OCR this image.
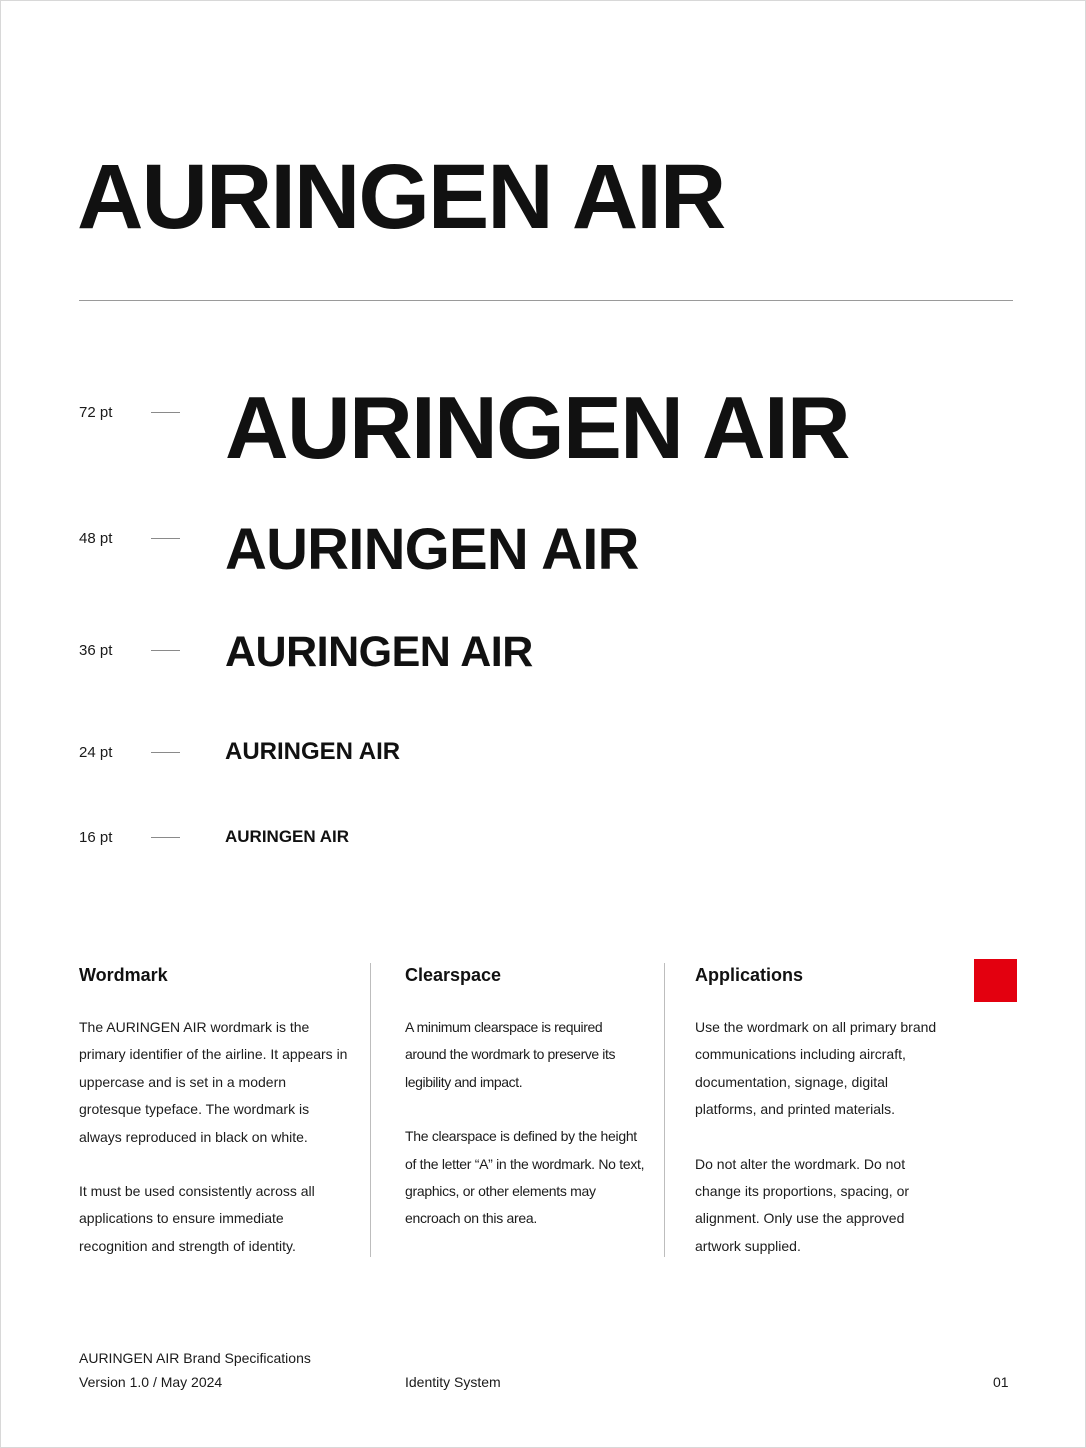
AURINGEN AIR
72 pt AURINGEN AIR
48 pt AURINGEN AIR
36 pt	AURINGEN AIR
24 pt	AURINGEN AIR
16 pt	AURINGEN AIR
Wordmark

The AURINGEN AIR wordmark is the primary identifier of the airline. It appears in uppercase and is set in a modern grotesque typeface. The wordmark is always reproduced in black on white.

It must be used consistently across all applications to ensure immediate recognition and strength of identity.

Clearspace

A minimum clearspace is required around the wordmark to preserve its legibility and impact.

The clearspace is defined by the height of the letter “A” in the wordmark. No text, graphics, or other elements may encroach on this area.

Applications

Use the wordmark on all primary brand communications including aircraft, documentation, signage, digital platforms, and printed materials.

Do not alter the wordmark. Do not change its proportions, spacing, or alignment. Only use the approved artwork supplied.

AURINGEN AIR Brand Specifications
Version 1.0 / May 2024	Identity System	01
